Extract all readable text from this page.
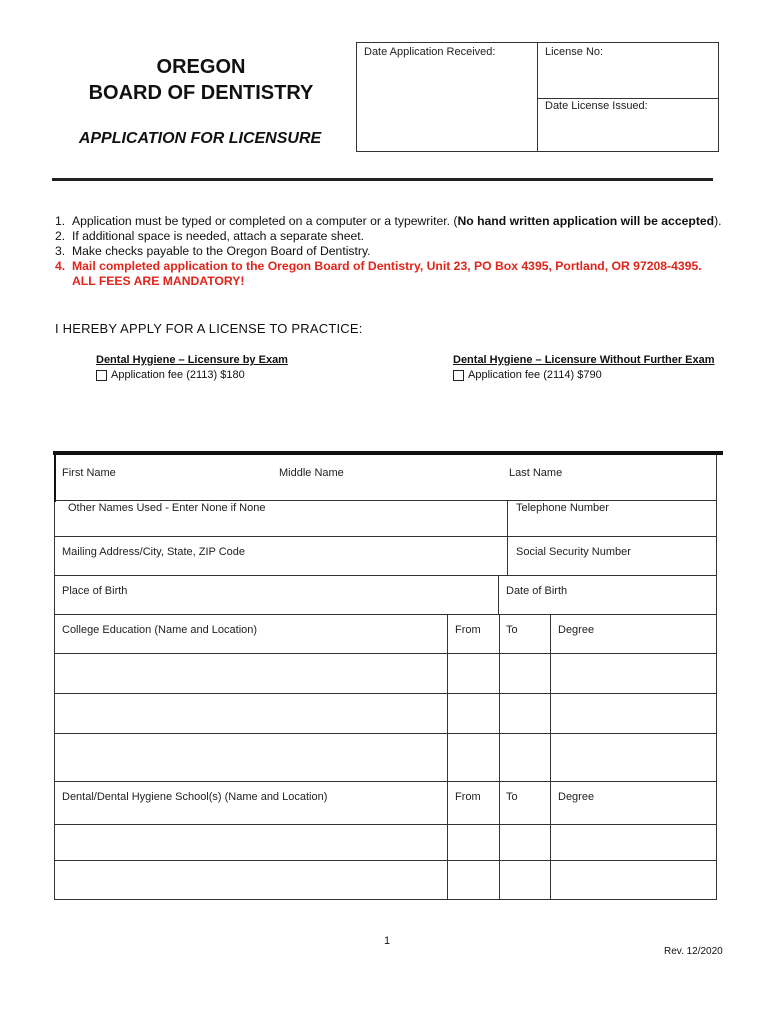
OREGON
BOARD OF DENTISTRY
APPLICATION FOR LICENSURE
Date Application Received:	License No:
Date License Issued:
1. Application must be typed or completed on a computer or a typewriter. (No hand written application will be accepted).
2. If additional space is needed, attach a separate sheet.
3. Make checks payable to the Oregon Board of Dentistry.
4. Mail completed application to the Oregon Board of Dentistry, Unit 23, PO Box 4395, Portland, OR 97208-4395.
ALL FEES ARE MANDATORY!
I HEREBY APPLY FOR A LICENSE TO PRACTICE:
Dental Hygiene – Licensure by Exam
Application fee (2113) $180
Dental Hygiene – Licensure Without Further Exam
Application fee (2114) $790
First Name	Middle Name	Last Name
Other Names Used - Enter None if None	Telephone Number
Mailing Address/City, State, ZIP Code	Social Security Number
Place of Birth	Date of Birth
College Education (Name and Location)	From To	Degree
Dental/Dental Hygiene School(s) (Name and Location)	From To	Degree
1
Rev. 12/2020
